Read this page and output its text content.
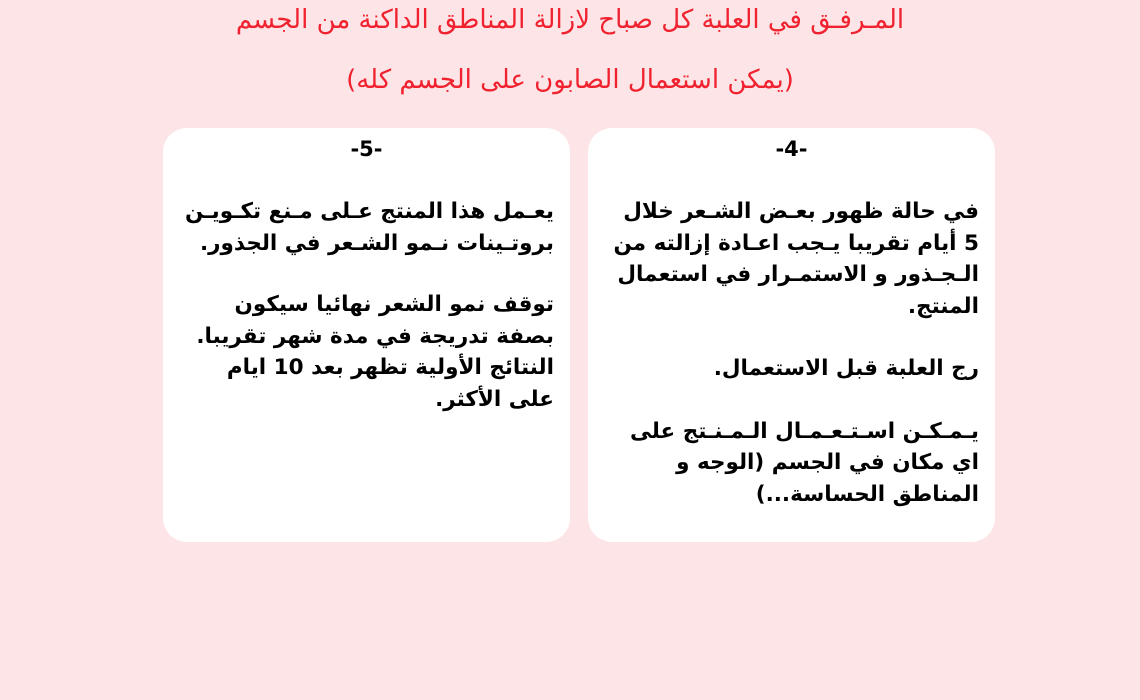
المـرفـق في العلبة كل صباح لازالة المناطق الداكنة من الجسم
(يمكن استعمال الصابون على الجسم كله)
-4-

في حالة ظهور بعـض الشـعر خلال 5 أيام تقريبا يـجب اعـادة إزالته من الـجـذور و الاستمـرار في استعمال المنتج.

رج العلبة قبل الاستعمال.

يـمـكـن اسـتـعـمـال الـمـنـتج على اي مكان في الجسم (الوجه و المناطق الحساسة...)

-5-

يعـمل هذا المنتج عـلى مـنع تكـويـن بروتـينات نـمو الشـعر في الجذور.

توقف نمو الشعر نهائيا سيكون بصفة تدريجة في مدة شهر تقريبا.

النتائج الأولية تظهر بعد 10 ايام على الأكثر.
